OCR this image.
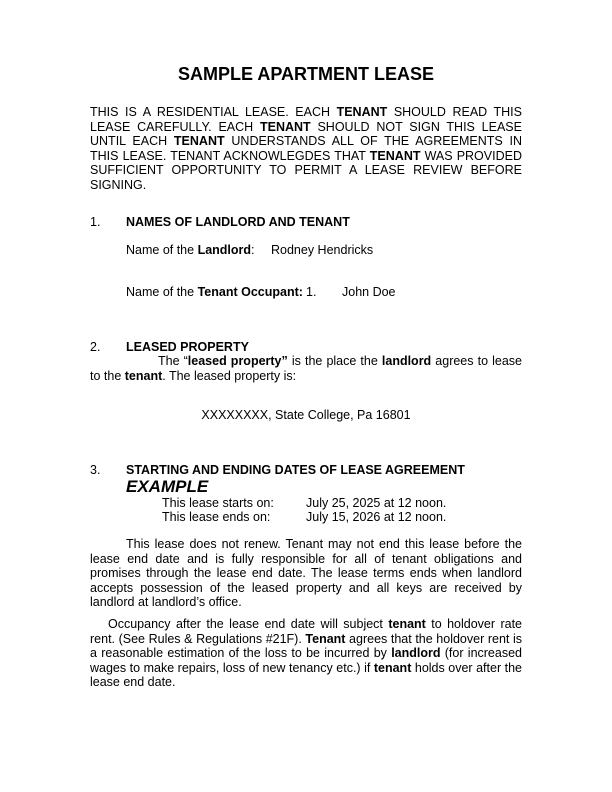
SAMPLE APARTMENT LEASE
THIS IS A RESIDENTIAL LEASE. EACH TENANT SHOULD READ THIS LEASE CAREFULLY. EACH TENANT SHOULD NOT SIGN THIS LEASE UNTIL EACH TENANT UNDERSTANDS ALL OF THE AGREEMENTS IN THIS LEASE. TENANT ACKNOWLEGDES THAT TENANT WAS PROVIDED SUFFICIENT OPPORTUNITY TO PERMIT A LEASE REVIEW BEFORE SIGNING.
1. NAMES OF LANDLORD AND TENANT
Name of the Landlord: Rodney Hendricks
Name of the Tenant Occupant: 1. John Doe
2. LEASED PROPERTY
The “leased property” is the place the landlord agrees to lease to the tenant. The leased property is:
XXXXXXXX, State College, Pa 16801
3. STARTING AND ENDING DATES OF LEASE AGREEMENT
EXAMPLE
This lease starts on:	July 25, 2025 at 12 noon.
This lease ends on:	July 15, 2026 at 12 noon.
This lease does not renew. Tenant may not end this lease before the lease end date and is fully responsible for all of tenant obligations and promises through the lease end date. The lease terms ends when landlord accepts possession of the leased property and all keys are received by landlord at landlord’s office.
Occupancy after the lease end date will subject tenant to holdover rate rent. (See Rules & Regulations #21F). Tenant agrees that the holdover rent is a reasonable estimation of the loss to be incurred by landlord (for increased wages to make repairs, loss of new tenancy etc.) if tenant holds over after the lease end date.
